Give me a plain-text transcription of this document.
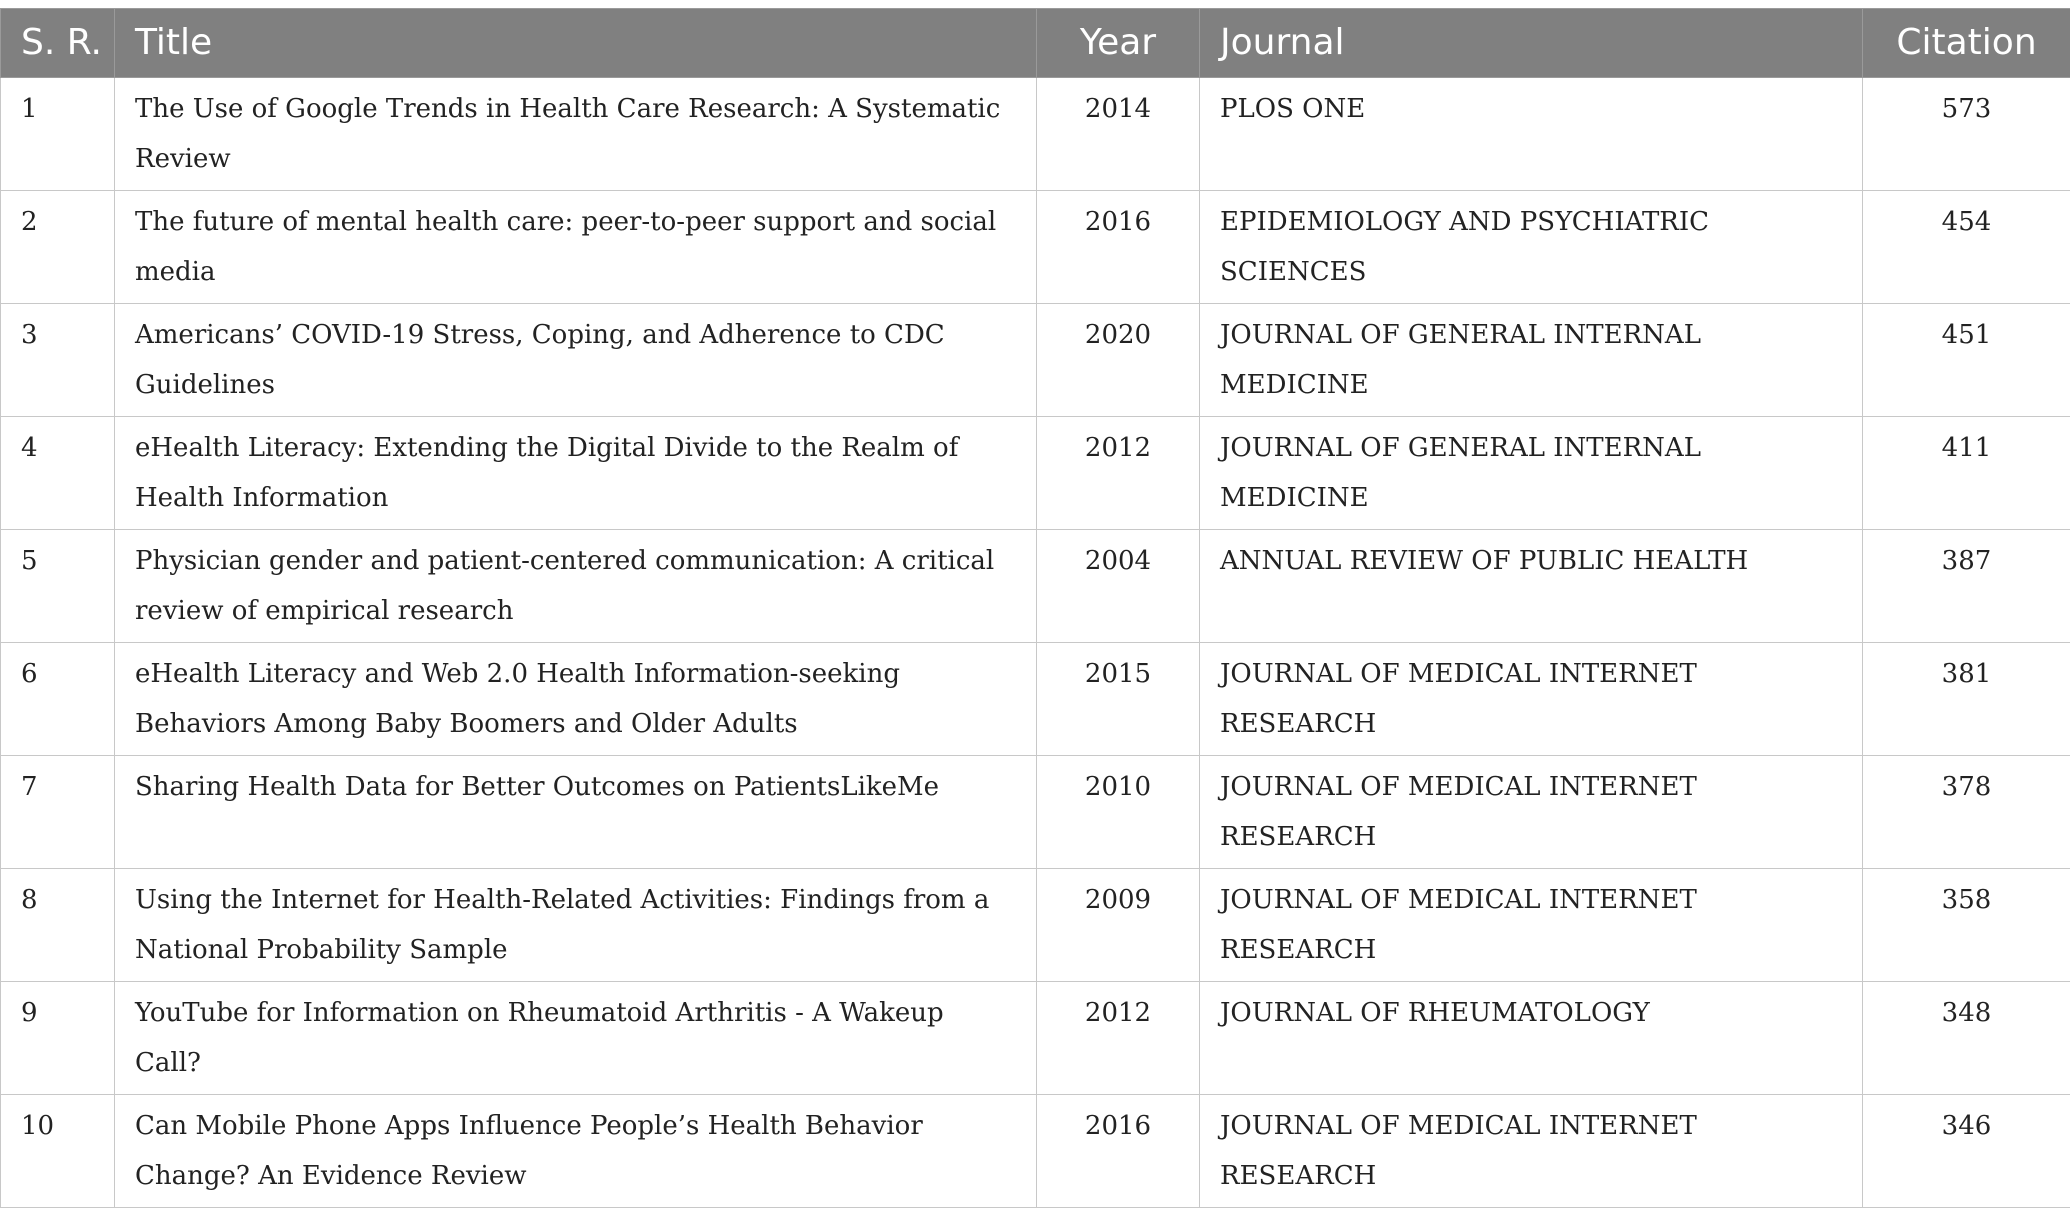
S. R.	Title	Year	Journal	Citation
1	The Use of Google Trends in Health Care Research: A Systematic Review	2014	PLOS ONE	573
2	The future of mental health care: peer-to-peer support and social media	2016	EPIDEMIOLOGY AND PSYCHIATRIC SCIENCES	454
3	Americans’ COVID-19 Stress, Coping, and Adherence to CDC Guidelines	2020	JOURNAL OF GENERAL INTERNAL MEDICINE	451
4	eHealth Literacy: Extending the Digital Divide to the Realm of Health Information	2012	JOURNAL OF GENERAL INTERNAL MEDICINE	411
5	Physician gender and patient-centered communication: A critical review of empirical research	2004	ANNUAL REVIEW OF PUBLIC HEALTH	387
6	eHealth Literacy and Web 2.0 Health Information-seeking Behaviors Among Baby Boomers and Older Adults	2015	JOURNAL OF MEDICAL INTERNET RESEARCH	381
7	Sharing Health Data for Better Outcomes on PatientsLikeMe	2010	JOURNAL OF MEDICAL INTERNET RESEARCH	378
8	Using the Internet for Health-Related Activities: Findings from a National Probability Sample	2009	JOURNAL OF MEDICAL INTERNET RESEARCH	358
9	YouTube for Information on Rheumatoid Arthritis - A Wakeup Call?	2012	JOURNAL OF RHEUMATOLOGY	348
10	Can Mobile Phone Apps Influence People’s Health Behavior Change? An Evidence Review	2016	JOURNAL OF MEDICAL INTERNET RESEARCH	346
